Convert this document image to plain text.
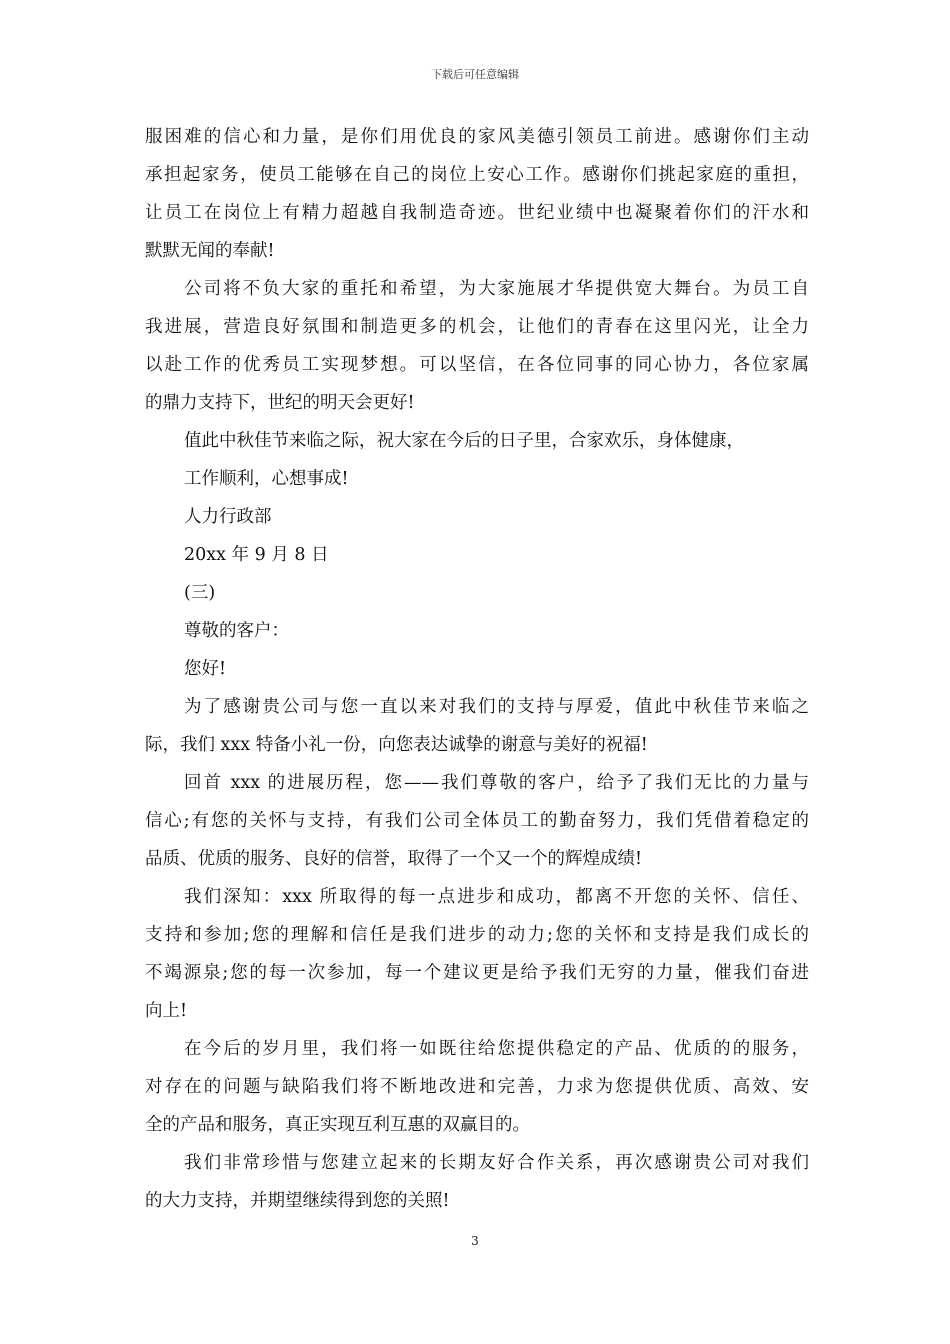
下载后可任意编辑
服困难的信心和力量，是你们用优良的家风美德引领员工前进。感谢你们主动
承担起家务，使员工能够在自己的岗位上安心工作。感谢你们挑起家庭的重担，
让员工在岗位上有精力超越自我制造奇迹。世纪业绩中也凝聚着你们的汗水和
默默无闻的奉献!
公司将不负大家的重托和希望，为大家施展才华提供宽大舞台。为员工自
我进展，营造良好氛围和制造更多的机会，让他们的青春在这里闪光，让全力
以赴工作的优秀员工实现梦想。可以坚信，在各位同事的同心协力，各位家属
的鼎力支持下，世纪的明天会更好!
值此中秋佳节来临之际，祝大家在今后的日子里，合家欢乐，身体健康，
工作顺利，心想事成!
人力行政部
20xx 年 9 月 8 日
(三)
尊敬的客户：
您好!
为了感谢贵公司与您一直以来对我们的支持与厚爱，值此中秋佳节来临之
际，我们 xxx 特备小礼一份，向您表达诚挚的谢意与美好的祝福!
回首 xxx 的进展历程，您——我们尊敬的客户，给予了我们无比的力量与
信心;有您的关怀与支持，有我们公司全体员工的勤奋努力，我们凭借着稳定的
品质、优质的服务、良好的信誉，取得了一个又一个的辉煌成绩!
我们深知：xxx 所取得的每一点进步和成功，都离不开您的关怀、信任、
支持和参加;您的理解和信任是我们进步的动力;您的关怀和支持是我们成长的
不竭源泉;您的每一次参加，每一个建议更是给予我们无穷的力量，催我们奋进
向上!
在今后的岁月里，我们将一如既往给您提供稳定的产品、优质的的服务，
对存在的问题与缺陷我们将不断地改进和完善，力求为您提供优质、高效、安
全的产品和服务，真正实现互利互惠的双赢目的。
我们非常珍惜与您建立起来的长期友好合作关系，再次感谢贵公司对我们
的大力支持，并期望继续得到您的关照!
3
